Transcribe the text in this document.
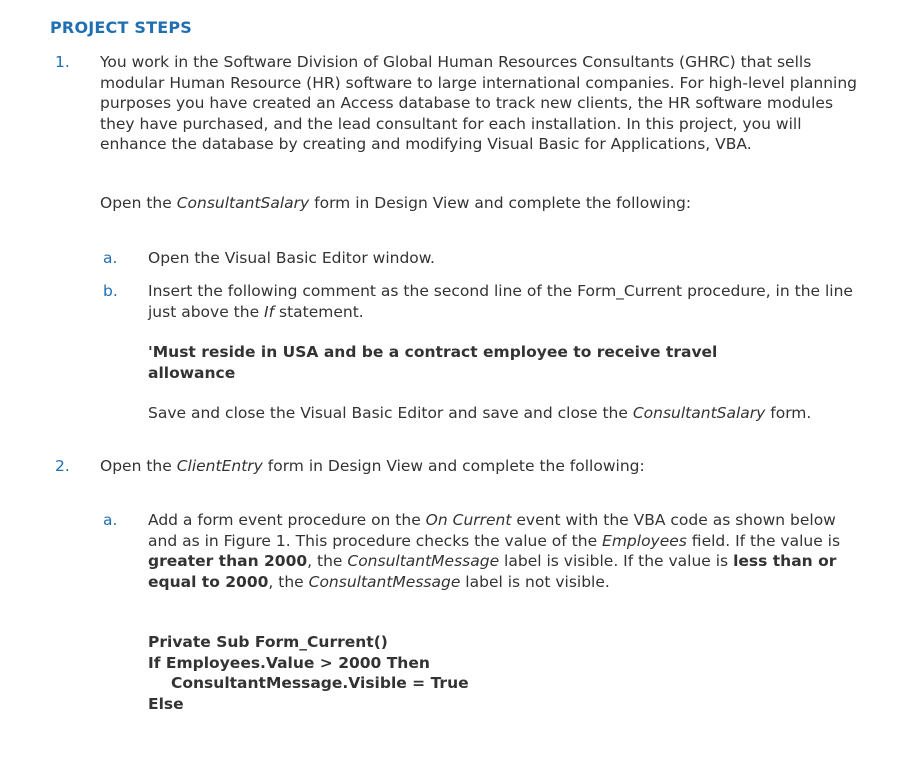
PROJECT STEPS
1. You work in the Software Division of Global Human Resources Consultants (GHRC) that sells modular Human Resource (HR) software to large international companies. For high-level planning purposes you have created an Access database to track new clients, the HR software modules they have purchased, and the lead consultant for each installation. In this project, you will enhance the database by creating and modifying Visual Basic for Applications, VBA.
Open the ConsultantSalary form in Design View and complete the following:
a. Open the Visual Basic Editor window.
b. Insert the following comment as the second line of the Form_Current procedure, in the line just above the If statement.
'Must reside in USA and be a contract employee to receive travel allowance
Save and close the Visual Basic Editor and save and close the ConsultantSalary form.
2. Open the ClientEntry form in Design View and complete the following:
a. Add a form event procedure on the On Current event with the VBA code as shown below and as in Figure 1. This procedure checks the value of the Employees field. If the value is greater than 2000, the ConsultantMessage label is visible. If the value is less than or equal to 2000, the ConsultantMessage label is not visible.
Private Sub Form_Current()
If Employees.Value > 2000 Then
ConsultantMessage.Visible = True
Else
